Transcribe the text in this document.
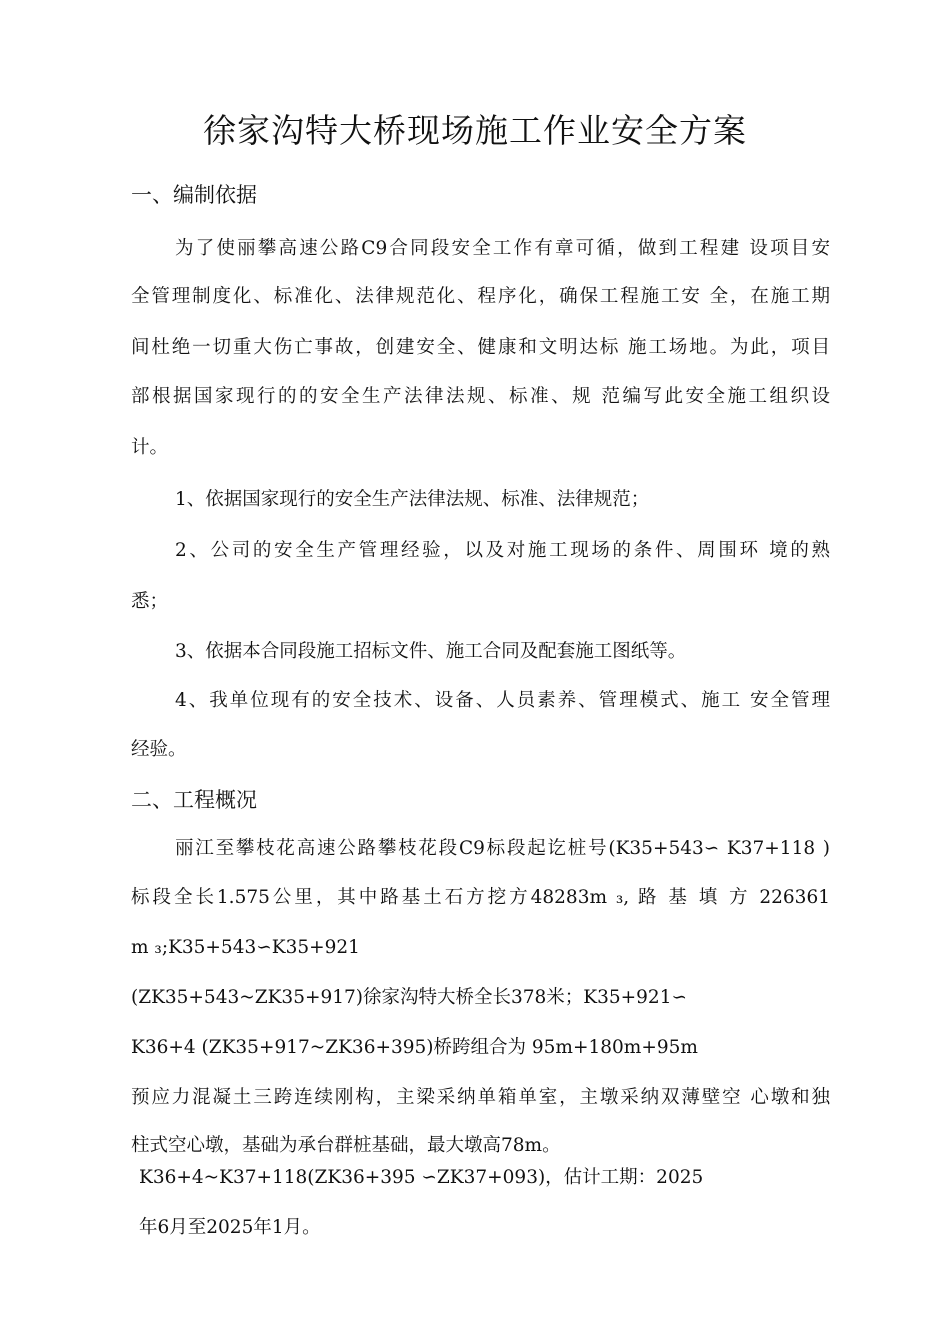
徐家沟特大桥现场施工作业安全方案
一、编制依据
为了使丽攀高速公路C9合同段安全工作有章可循，做到工程建 设项目安
全管理制度化、标准化、法律规范化、程序化，确保工程施工安 全，在施工期
间杜绝一切重大伤亡事故，创建安全、健康和文明达标 施工场地。为此，项目
部根据国家现行的的安全生产法律法规、标准、规 范编写此安全施工组织设
计。
1、依据国家现行的安全生产法律法规、标准、法律规范；
2、公司的安全生产管理经验，以及对施工现场的条件、周围环 境的熟
悉；
3、依据本合同段施工招标文件、施工合同及配套施工图纸等。
4、我单位现有的安全技术、设备、人员素养、管理模式、施工 安全管理
经验。
二、工程概况
丽江至攀枝花高速公路攀枝花段C9标段起讫桩号(K35+543∽ K37+118 )
标段全长1.575公里，其中路基土石方挖方48283m ₃, 路 基 填 方 226361
m ₃;K35+543∽K35+921
(ZK35+543~ZK35+917)徐家沟特大桥全长378米；K35+921∽
K36+4 (ZK35+917~ZK36+395)桥跨组合为 95m+180m+95m
预应力混凝土三跨连续刚构，主梁采纳单箱单室，主墩采纳双薄壁空 心墩和独
柱式空心墩，基础为承台群桩基础，最大墩高78m。
K36+4~K37+118(ZK36+395 ∽ZK37+093)，估计工期：2025
年6月至2025年1月。
